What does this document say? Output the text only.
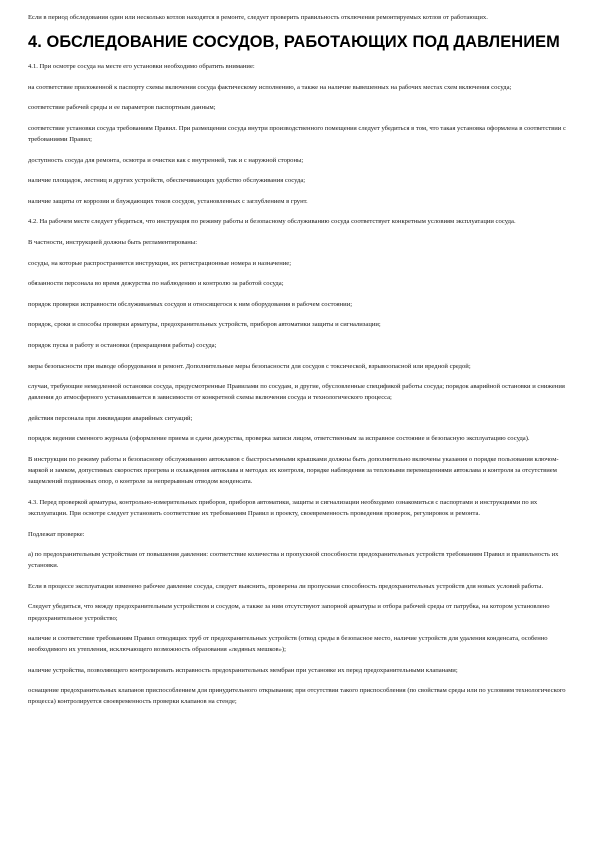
Если в период обследования один или несколько котлов находятся в ремонте, следует проверить правильность отключения ремонтируемых котлов от работающих.

4. ОБСЛЕДОВАНИЕ СОСУДОВ, РАБОТАЮЩИХ ПОД ДАВЛЕНИЕМ

4.1. При осмотре сосуда на месте его установки необходимо обратить внимание:

на соответствие приложенной к паспорту схемы включения сосуда фактическому исполнению, а также на наличие вывешенных на рабочих местах схем включения сосуда;

соответствие рабочей среды и ее параметров паспортным данным;

соответствие установки сосуда требованиям Правил. При размещении сосуда внутри производственного помещения следует убедиться в том, что такая установка оформлена в соответствии с требованиями Правил;

доступность сосуда для ремонта, осмотра и очистки как с внутренней, так и с наружной стороны;

наличие площадок, лестниц и других устройств, обеспечивающих удобство обслуживания сосуда;

наличие защиты от коррозии и блуждающих токов сосудов, установленных с заглублением в грунт.

4.2. На рабочем месте следует убедиться, что инструкция по режиму работы и безопасному обслуживанию сосуда соответствует конкретным условиям эксплуатации сосуда.

В частности, инструкцией должны быть регламентированы:

сосуды, на которые распространяется инструкция, их регистрационные номера и назначение;

обязанности персонала во время дежурства по наблюдению и контролю за работой сосуда;

порядок проверки исправности обслуживаемых сосудов и относящегося к ним оборудования в рабочем состоянии;

порядок, сроки и способы проверки арматуры, предохранительных устройств, приборов автоматики защиты и сигнализации;

порядок пуска в работу и остановки (прекращения работы) сосуда;

меры безопасности при выводе оборудования в ремонт. Дополнительные меры безопасности для сосудов с токсической, взрывоопасной или вредной средой;

случаи, требующие немедленной остановки сосуда, предусмотренные Правилами по сосудам, и другие, обусловленные спецификой работы сосуда; порядок аварийной остановки и снижения давления до атмосферного устанавливается в зависимости от конкретной схемы включения сосуда и технологического процесса;

действия персонала при ликвидации аварийных ситуаций;

порядок ведения сменного журнала (оформление приема и сдачи дежурства, проверка записи лицом, ответственным за исправное состояние и безопасную эксплуатацию сосуда).

В инструкции по режиму работы и безопасному обслуживанию автоклавов с быстросъемными крышками должны быть дополнительно включены указания о порядке пользования ключом-маркой и замком, допустимых скоростях прогрева и охлаждения автоклава и методах их контроля, порядке наблюдения за тепловыми перемещениями автоклава и контроля за отсутствием защемлений подвижных опор, о контроле за непрерывным отводом конденсата.

4.3. Перед проверкой арматуры, контрольно-измерительных приборов, приборов автоматики, защиты и сигнализации необходимо ознакомиться с паспортами и инструкциями по их эксплуатации. При осмотре следует установить соответствие их требованиям Правил и проекту, своевременность проведения проверок, регулировок и ремонта.

Подлежат проверке:

а) по предохранительным устройствам от повышения давления: соответствие количества и пропускной способности предохранительных устройств требованиям Правил и правильность их установки.

Если в процессе эксплуатации изменено рабочее давление сосуда, следует выяснить, проверена ли пропускная способность предохранительных устройств для новых условий работы.

Следует убедиться, что между предохранительным устройством и сосудом, а также за ним отсутствуют запорной арматуры и отбора рабочей среды от патрубка, на котором установлено предохранительное устройство;

наличие и соответствие требованиям Правил отводящих труб от предохранительных устройств (отвод среды в безопасное место, наличие устройств для удаления конденсата, особенно необходимого их утепления, исключающего возможность образования «ледяных мешков»);

наличие устройства, позволяющего контролировать исправность предохранительных мембран при установке их перед предохранительными клапанами;

оснащение предохранительных клапанов приспособлением для принудительного открывания; при отсутствии такого приспособления (по свойствам среды или по условиям технологического процесса) контролируется своевременность проверки клапанов на стенде;
